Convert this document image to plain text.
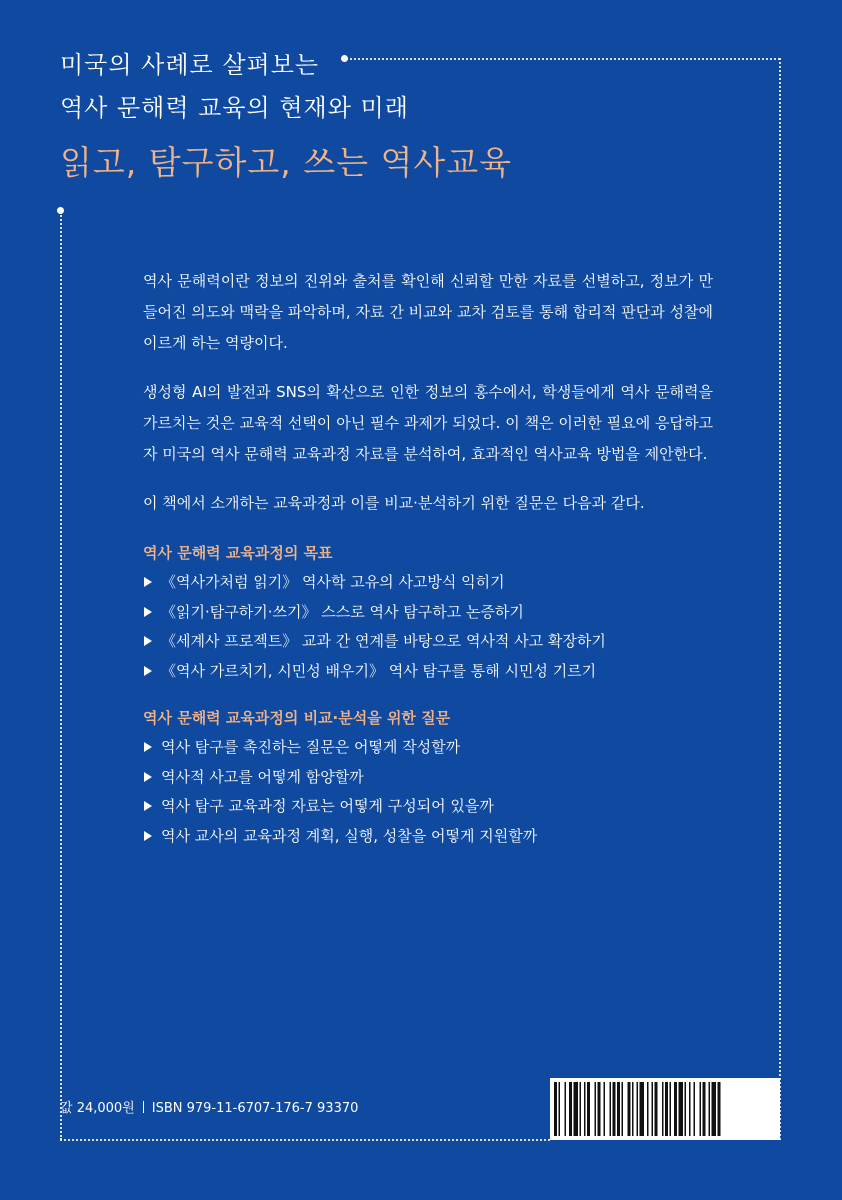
미국의 사례로 살펴보는
역사 문해력 교육의 현재와 미래
읽고, 탐구하고, 쓰는 역사교육

역사 문해력이란 정보의 진위와 출처를 확인해 신뢰할 만한 자료를 선별하고, 정보가 만들어진 의도와 맥락을 파악하며, 자료 간 비교와 교차 검토를 통해 합리적 판단과 성찰에 이르게 하는 역량이다.

생성형 AI의 발전과 SNS의 확산으로 인한 정보의 홍수에서, 학생들에게 역사 문해력을 가르치는 것은 교육적 선택이 아닌 필수 과제가 되었다. 이 책은 이러한 필요에 응답하고자 미국의 역사 문해력 교육과정 자료를 분석하여, 효과적인 역사교육 방법을 제안한다.

이 책에서 소개하는 교육과정과 이를 비교·분석하기 위한 질문은 다음과 같다.

역사 문해력 교육과정의 목표
《역사가처럼 읽기》 역사학 고유의 사고방식 익히기
《읽기·탐구하기·쓰기》 스스로 역사 탐구하고 논증하기
《세계사 프로젝트》 교과 간 연계를 바탕으로 역사적 사고 확장하기
《역사 가르치기, 시민성 배우기》 역사 탐구를 통해 시민성 기르기
역사 문해력 교육과정의 비교·분석을 위한 질문
역사 탐구를 촉진하는 질문은 어떻게 작성할까
역사적 사고를 어떻게 함양할까
역사 탐구 교육과정 자료는 어떻게 구성되어 있을까
역사 교사의 교육과정 계획, 실행, 성찰을 어떻게 지원할까
값 24,000원 ISBN 979-11-6707-176-7 93370
